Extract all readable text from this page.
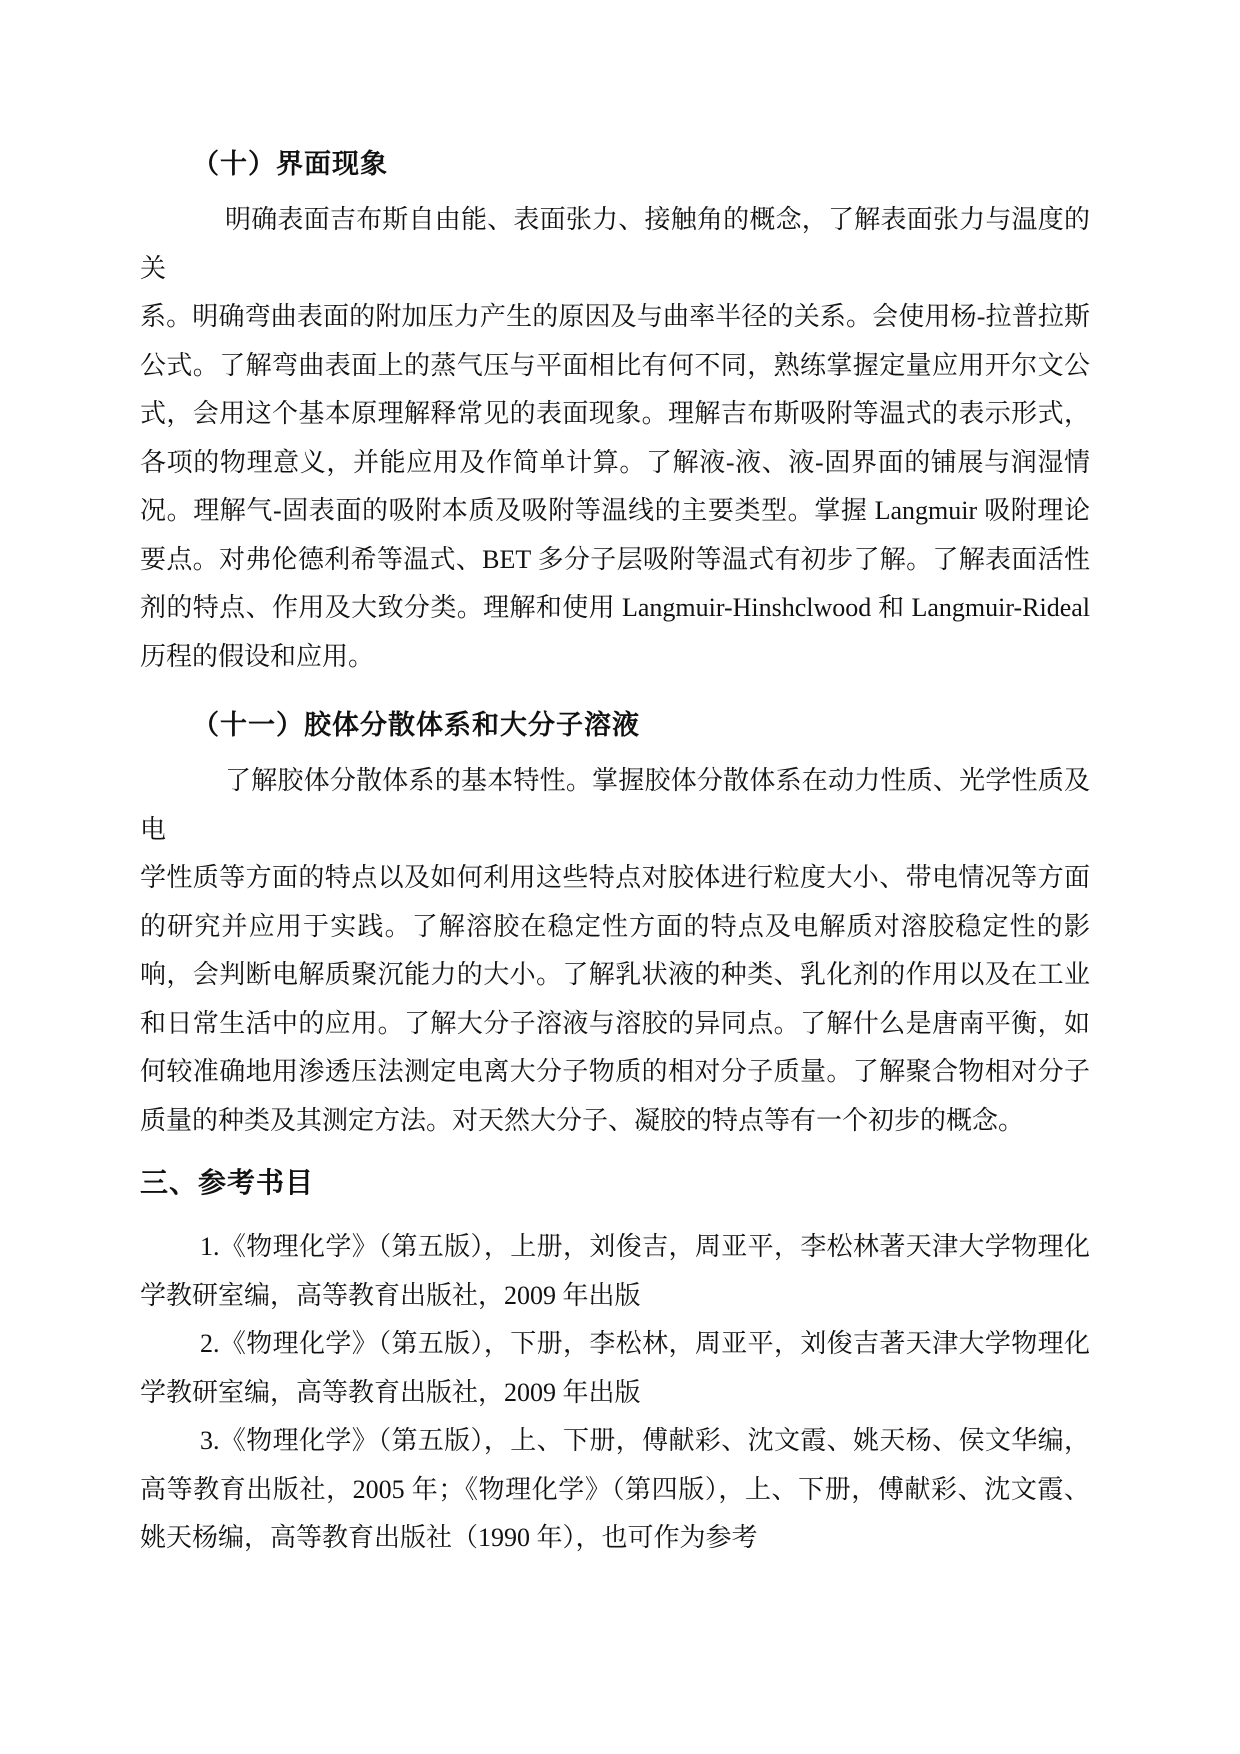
（十）界面现象
明确表面吉布斯自由能、表面张力、接触角的概念，了解表面张力与温度的关
系。明确弯曲表面的附加压力产生的原因及与曲率半径的关系。会使用杨-拉普拉斯
公式。了解弯曲表面上的蒸气压与平面相比有何不同，熟练掌握定量应用开尔文公
式，会用这个基本原理解释常见的表面现象。理解吉布斯吸附等温式的表示形式，
各项的物理意义，并能应用及作简单计算。了解液-液、液-固界面的铺展与润湿情
况。理解气-固表面的吸附本质及吸附等温线的主要类型。掌握 Langmuir 吸附理论
要点。对弗伦德利希等温式、BET 多分子层吸附等温式有初步了解。了解表面活性
剂的特点、作用及大致分类。理解和使用 Langmuir-Hinshclwood 和 Langmuir-Rideal
历程的假设和应用。
（十一）胶体分散体系和大分子溶液
了解胶体分散体系的基本特性。掌握胶体分散体系在动力性质、光学性质及电
学性质等方面的特点以及如何利用这些特点对胶体进行粒度大小、带电情况等方面
的研究并应用于实践。了解溶胶在稳定性方面的特点及电解质对溶胶稳定性的影
响，会判断电解质聚沉能力的大小。了解乳状液的种类、乳化剂的作用以及在工业
和日常生活中的应用。了解大分子溶液与溶胶的异同点。了解什么是唐南平衡，如
何较准确地用渗透压法测定电离大分子物质的相对分子质量。了解聚合物相对分子
质量的种类及其测定方法。对天然大分子、凝胶的特点等有一个初步的概念。
三、参考书目
1.《物理化学》（第五版），上册，刘俊吉，周亚平，李松林著天津大学物理化
学教研室编，高等教育出版社，2009 年出版
2.《物理化学》（第五版），下册，李松林，周亚平，刘俊吉著天津大学物理化
学教研室编，高等教育出版社，2009 年出版
3.《物理化学》（第五版），上、下册，傅献彩、沈文霞、姚天杨、侯文华编，
高等教育出版社，2005 年；《物理化学》（第四版），上、下册，傅献彩、沈文霞、
姚天杨编，高等教育出版社（1990 年），也可作为参考
